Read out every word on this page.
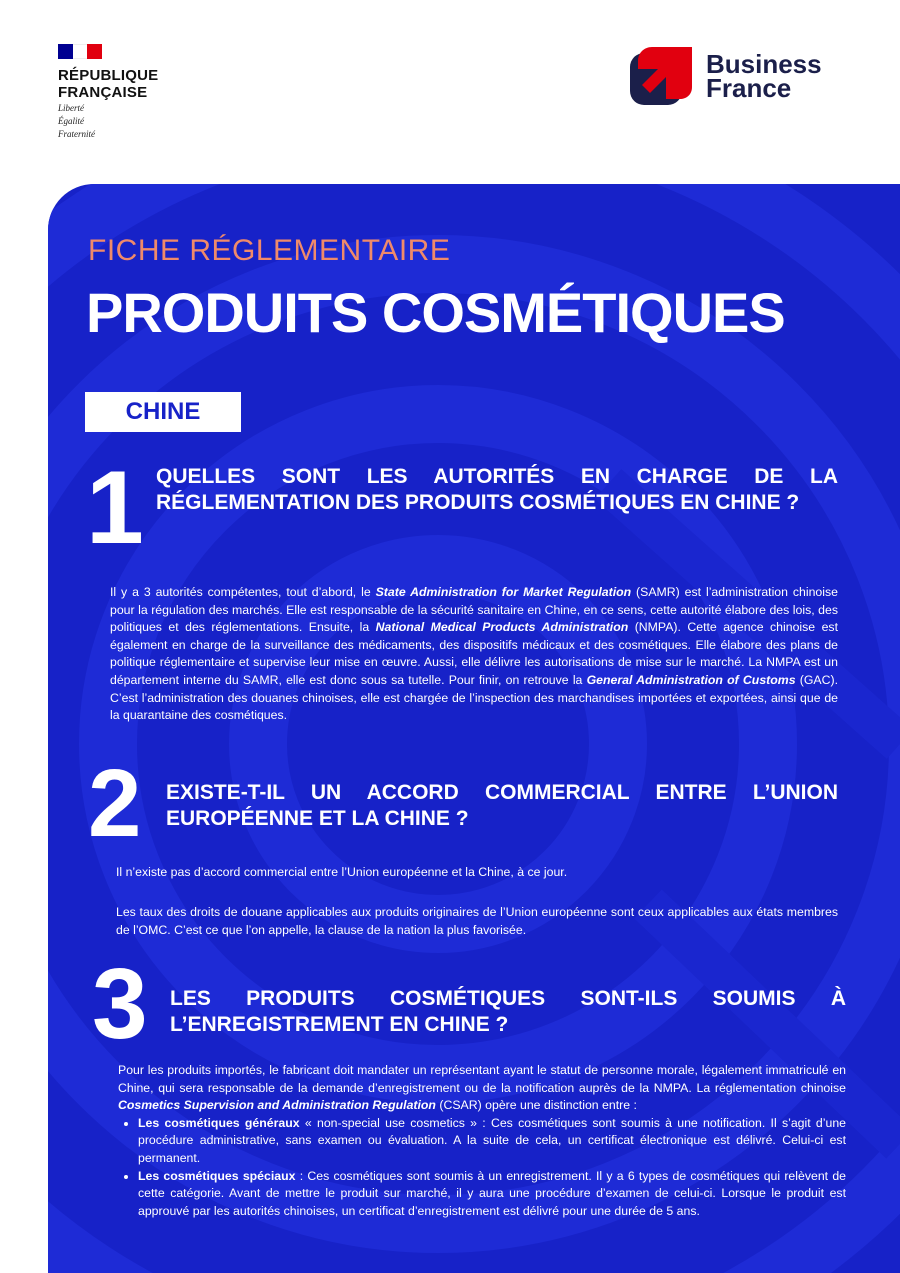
RÉPUBLIQUE
FRANÇAISE
Liberté
Égalité
Fraternité
Business
France
FICHE RÉGLEMENTAIRE
PRODUITS COSMÉTIQUES
CHINE
1 QUELLES SONT LES AUTORITÉS EN CHARGE DE LA RÉGLEMENTATION DES PRODUITS COSMÉTIQUES EN CHINE ?
Il y a 3 autorités compétentes, tout d’abord, le State Administration for Market Regulation (SAMR) est l’administration chinoise pour la régulation des marchés. Elle est responsable de la sécurité sanitaire en Chine, en ce sens, cette autorité élabore des lois, des politiques et des réglementations. Ensuite, la National Medical Products Administration (NMPA). Cette agence chinoise est également en charge de la surveillance des médicaments, des dispositifs médicaux et des cosmétiques. Elle élabore des plans de politique réglementaire et supervise leur mise en œuvre. Aussi, elle délivre les autorisations de mise sur le marché. La NMPA est un département interne du SAMR, elle est donc sous sa tutelle. Pour finir, on retrouve la General Administration of Customs (GAC). C’est l’administration des douanes chinoises, elle est chargée de l’inspection des marchandises importées et exportées, ainsi que de la quarantaine des cosmétiques.
2 EXISTE-T-IL UN ACCORD COMMERCIAL ENTRE L’UNION EUROPÉENNE ET LA CHINE ?
Il n’existe pas d’accord commercial entre l’Union européenne et la Chine, à ce jour.
Les taux des droits de douane applicables aux produits originaires de l’Union européenne sont ceux applicables aux états membres de l’OMC. C’est ce que l’on appelle, la clause de la nation la plus favorisée.
3 LES PRODUITS COSMÉTIQUES SONT-ILS SOUMIS À L’ENREGISTREMENT EN CHINE ?
Pour les produits importés, le fabricant doit mandater un représentant ayant le statut de personne morale, légalement immatriculé en Chine, qui sera responsable de la demande d’enregistrement ou de la notification auprès de la NMPA. La réglementation chinoise Cosmetics Supervision and Administration Regulation (CSAR) opère une distinction entre :
• Les cosmétiques généraux « non-special use cosmetics » : Ces cosmétiques sont soumis à une notification. Il s’agit d’une procédure administrative, sans examen ou évaluation. A la suite de cela, un certificat électronique est délivré. Celui-ci est permanent.
• Les cosmétiques spéciaux : Ces cosmétiques sont soumis à un enregistrement. Il y a 6 types de cosmétiques qui relèvent de cette catégorie. Avant de mettre le produit sur marché, il y aura une procédure d’examen de celui-ci. Lorsque le produit est approuvé par les autorités chinoises, un certificat d’enregistrement est délivré pour une durée de 5 ans.
